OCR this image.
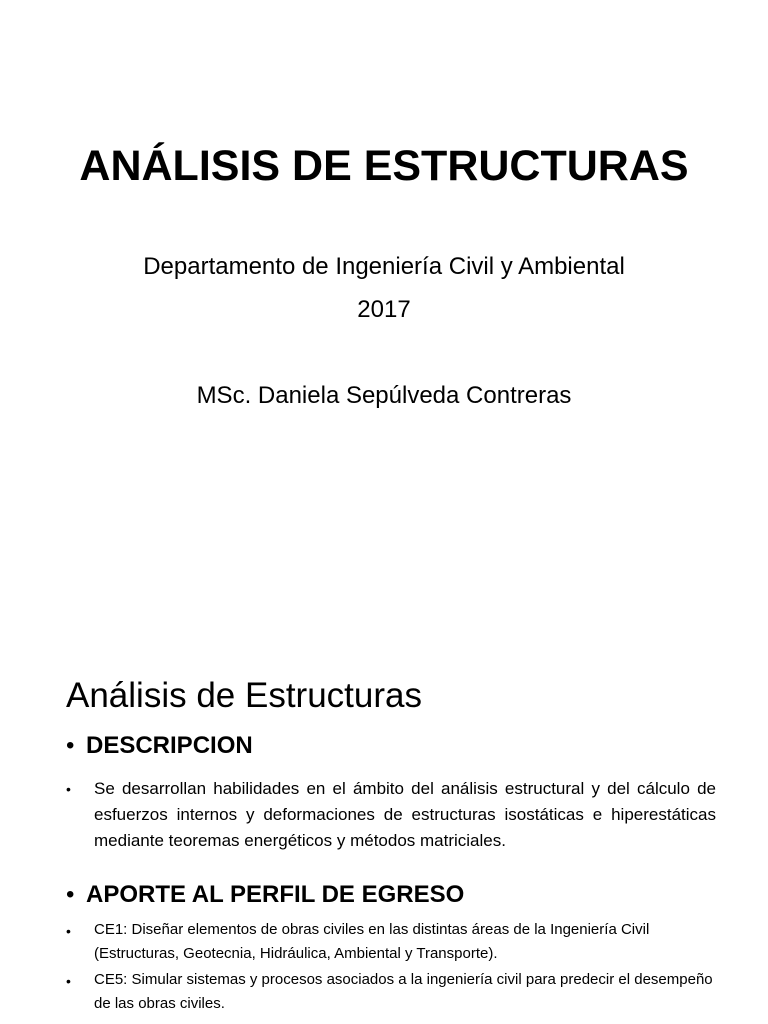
ANÁLISIS DE ESTRUCTURAS
Departamento de Ingeniería Civil y Ambiental
2017
MSc. Daniela Sepúlveda Contreras
Análisis de Estructuras
• DESCRIPCION
•	Se desarrollan habilidades en el ámbito del análisis estructural y del cálculo de esfuerzos internos y deformaciones de estructuras isostáticas e hiperestáticas mediante teoremas energéticos y métodos matriciales.
• APORTE AL PERFIL DE EGRESO
•	CE1: Diseñar elementos de obras civiles en las distintas áreas de la Ingeniería Civil (Estructuras, Geotecnia, Hidráulica, Ambiental y Transporte).
•	CE5: Simular sistemas y procesos asociados a la ingeniería civil para predecir el desempeño de las obras civiles.
